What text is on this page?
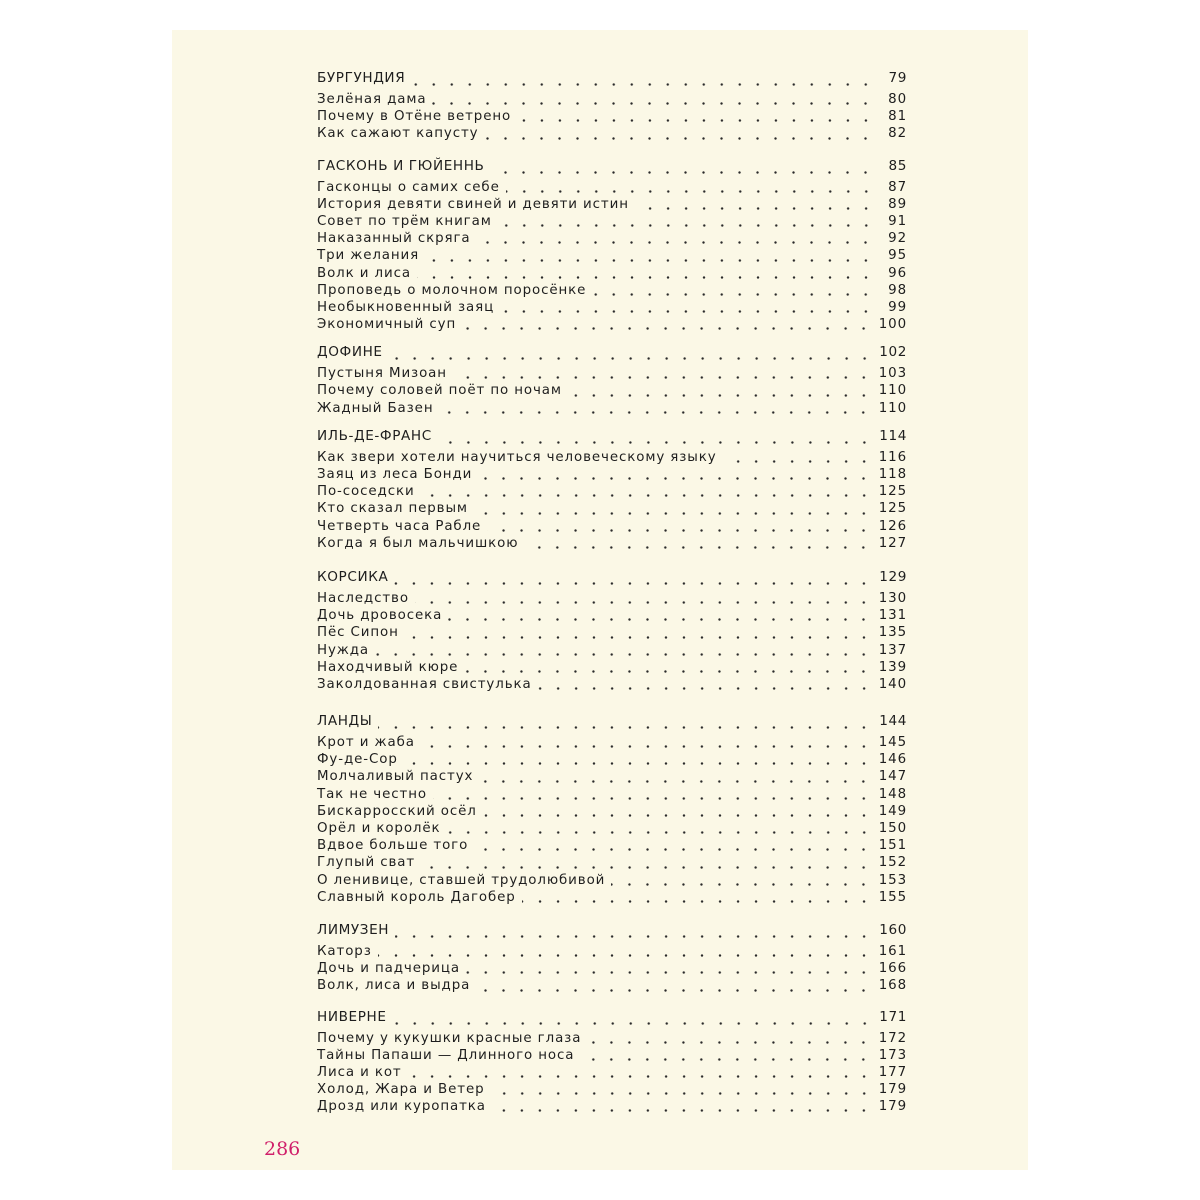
БУРГУНДИЯ	79
Зелёная дама	80
Почему в Отёне ветрено	81
Как сажают капусту	82
ГАСКОНЬ И ГЮЙЕННЬ	85
Гасконцы о самих себе	87
История девяти свиней и девяти истин	89
Совет по трём книгам	91
Наказанный скряга	92
Три желания	95
Волк и лиса	96
Проповедь о молочном поросёнке	98
Необыкновенный заяц	99
Экономичный суп	100
ДОФИНЕ	102
Пустыня Мизоан	103
Почему соловей поёт по ночам	110
Жадный Базен	110
ИЛЬ-ДЕ-ФРАНС	114
Как звери хотели научиться человеческому языку	116
Заяц из леса Бонди	118
По-соседски	125
Кто сказал первым	125
Четверть часа Рабле	126
Когда я был мальчишкою	127
КОРСИКА	129
Наследство	130
Дочь дровосека	131
Пёс Сипон	135
Нужда	137
Находчивый кюре	139
Заколдованная свистулька	140
ЛАНДЫ	144
Крот и жаба	145
Фу-де-Сор	146
Молчаливый пастух	147
Так не честно	148
Бискарросский осёл	149
Орёл и королёк	150
Вдвое больше того	151
Глупый сват	152
О ленивице, ставшей трудолюбивой	153
Славный король Дагобер	155
ЛИМУЗЕН	160
Каторз	161
Дочь и падчерица	166
Волк, лиса и выдра	168
НИВЕРНЕ	171
Почему у кукушки красные глаза	172
Тайны Папаши — Длинного носа	173
Лиса и кот	177
Холод, Жара и Ветер	179
Дрозд или куропатка	179
286
